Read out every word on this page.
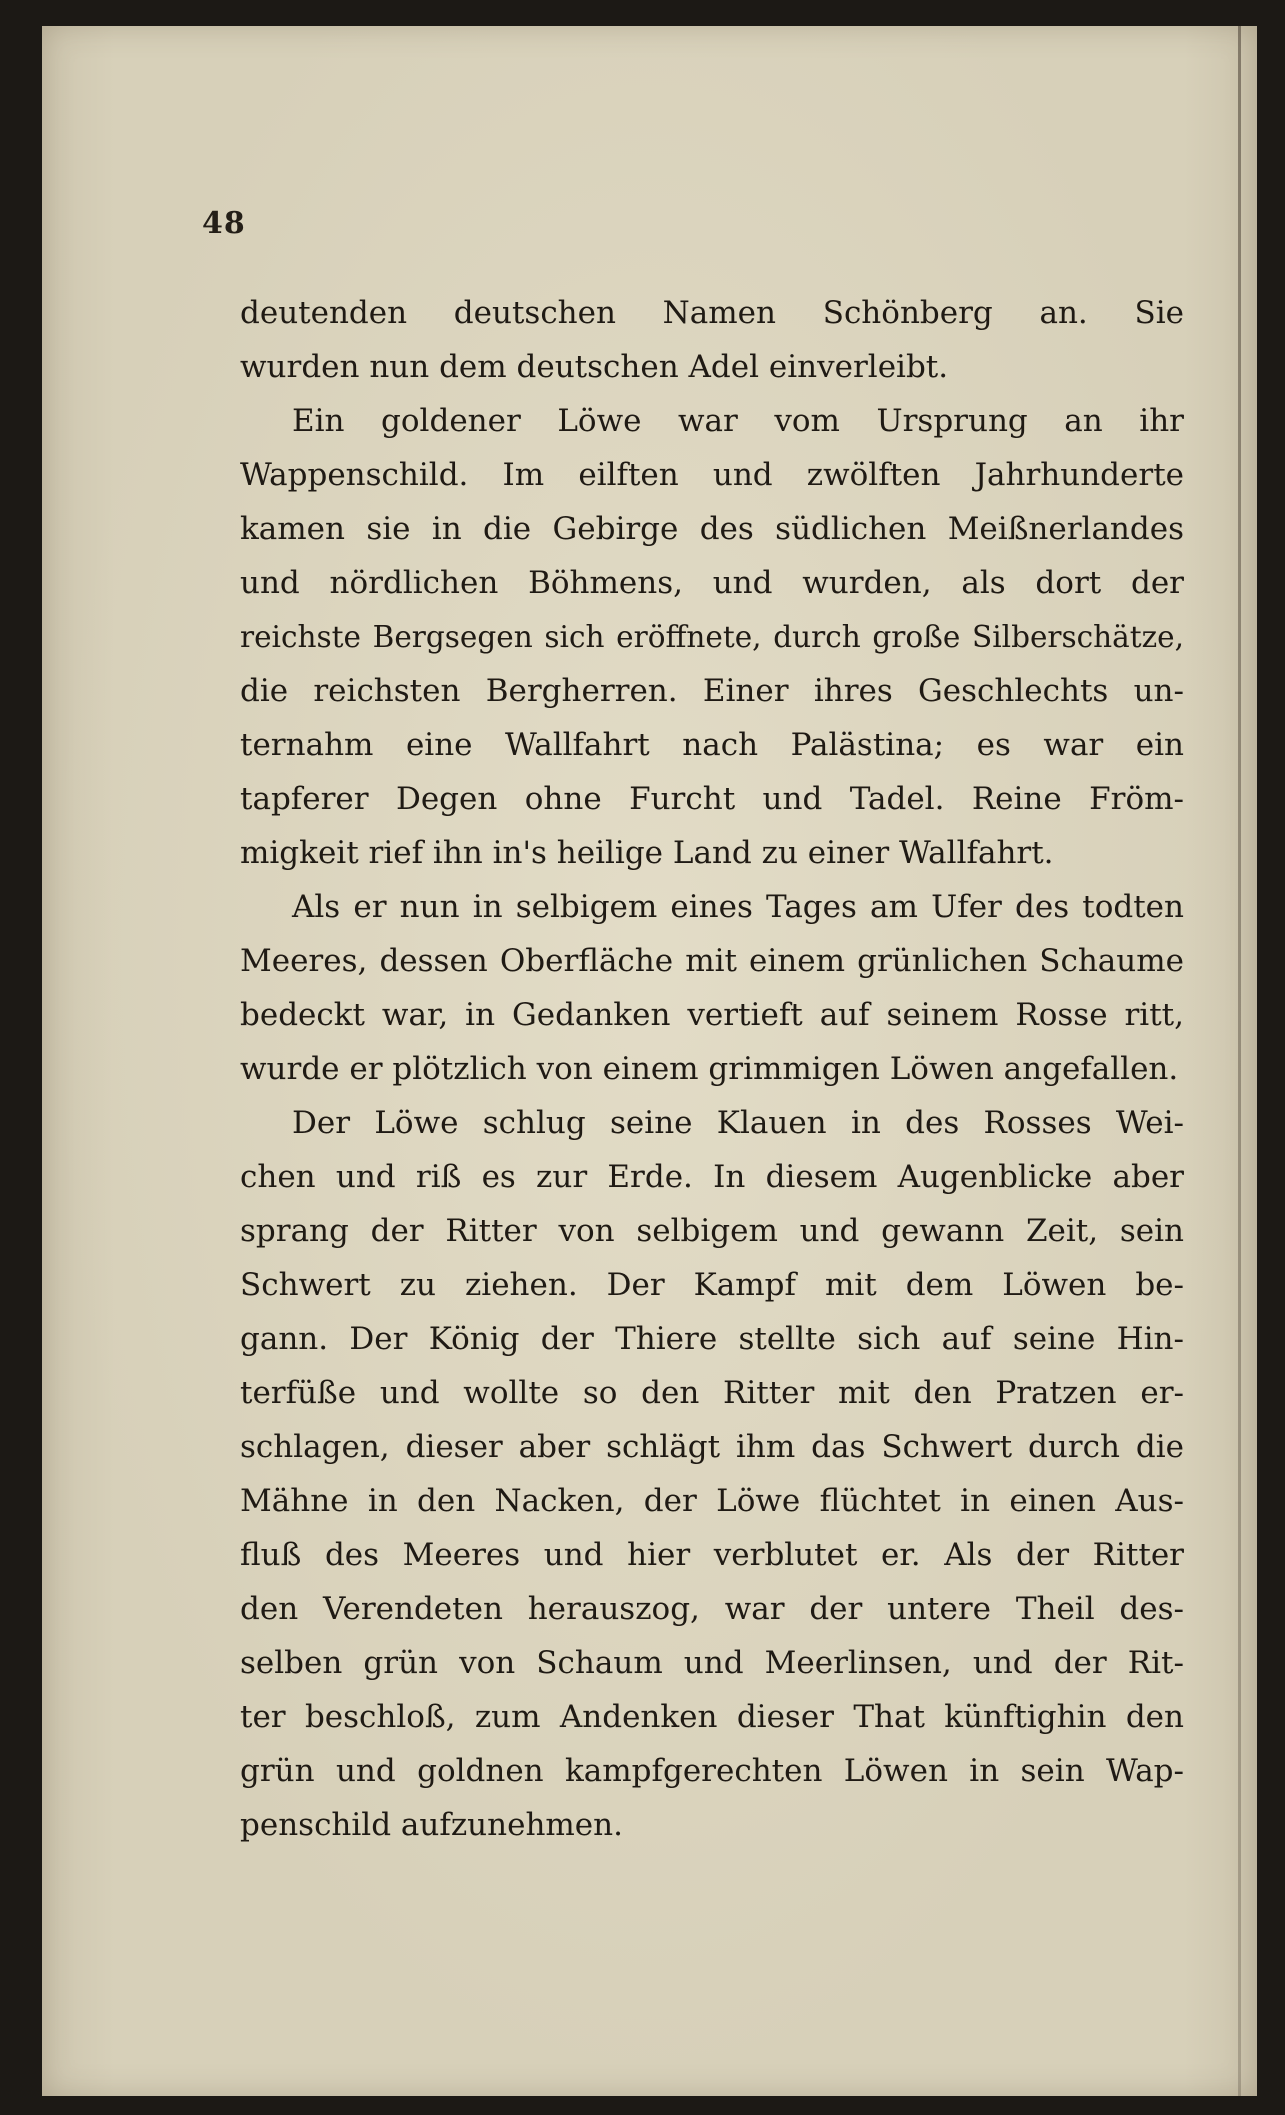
48
deutenden deutschen Namen Schönberg an. Sie
wurden nun dem deutschen Adel einverleibt.
Ein goldener Löwe war vom Ursprung an ihr
Wappenschild. Im eilften und zwölften Jahrhunderte
kamen sie in die Gebirge des südlichen Meißnerlandes
und nördlichen Böhmens, und wurden, als dort der
reichste Bergsegen sich eröffnete, durch große Silberschätze,
die reichsten Bergherren. Einer ihres Geschlechts un-
ternahm eine Wallfahrt nach Palästina; es war ein
tapferer Degen ohne Furcht und Tadel. Reine Fröm-
migkeit rief ihn in's heilige Land zu einer Wallfahrt.
Als er nun in selbigem eines Tages am Ufer des todten
Meeres, dessen Oberfläche mit einem grünlichen Schaume
bedeckt war, in Gedanken vertieft auf seinem Rosse ritt,
wurde er plötzlich von einem grimmigen Löwen angefallen.
Der Löwe schlug seine Klauen in des Rosses Wei-
chen und riß es zur Erde. In diesem Augenblicke aber
sprang der Ritter von selbigem und gewann Zeit, sein
Schwert zu ziehen. Der Kampf mit dem Löwen be-
gann. Der König der Thiere stellte sich auf seine Hin-
terfüße und wollte so den Ritter mit den Pratzen er-
schlagen, dieser aber schlägt ihm das Schwert durch die
Mähne in den Nacken, der Löwe flüchtet in einen Aus-
fluß des Meeres und hier verblutet er. Als der Ritter
den Verendeten herauszog, war der untere Theil des-
selben grün von Schaum und Meerlinsen, und der Rit-
ter beschloß, zum Andenken dieser That künftighin den
grün und goldnen kampfgerechten Löwen in sein Wap-
penschild aufzunehmen.
